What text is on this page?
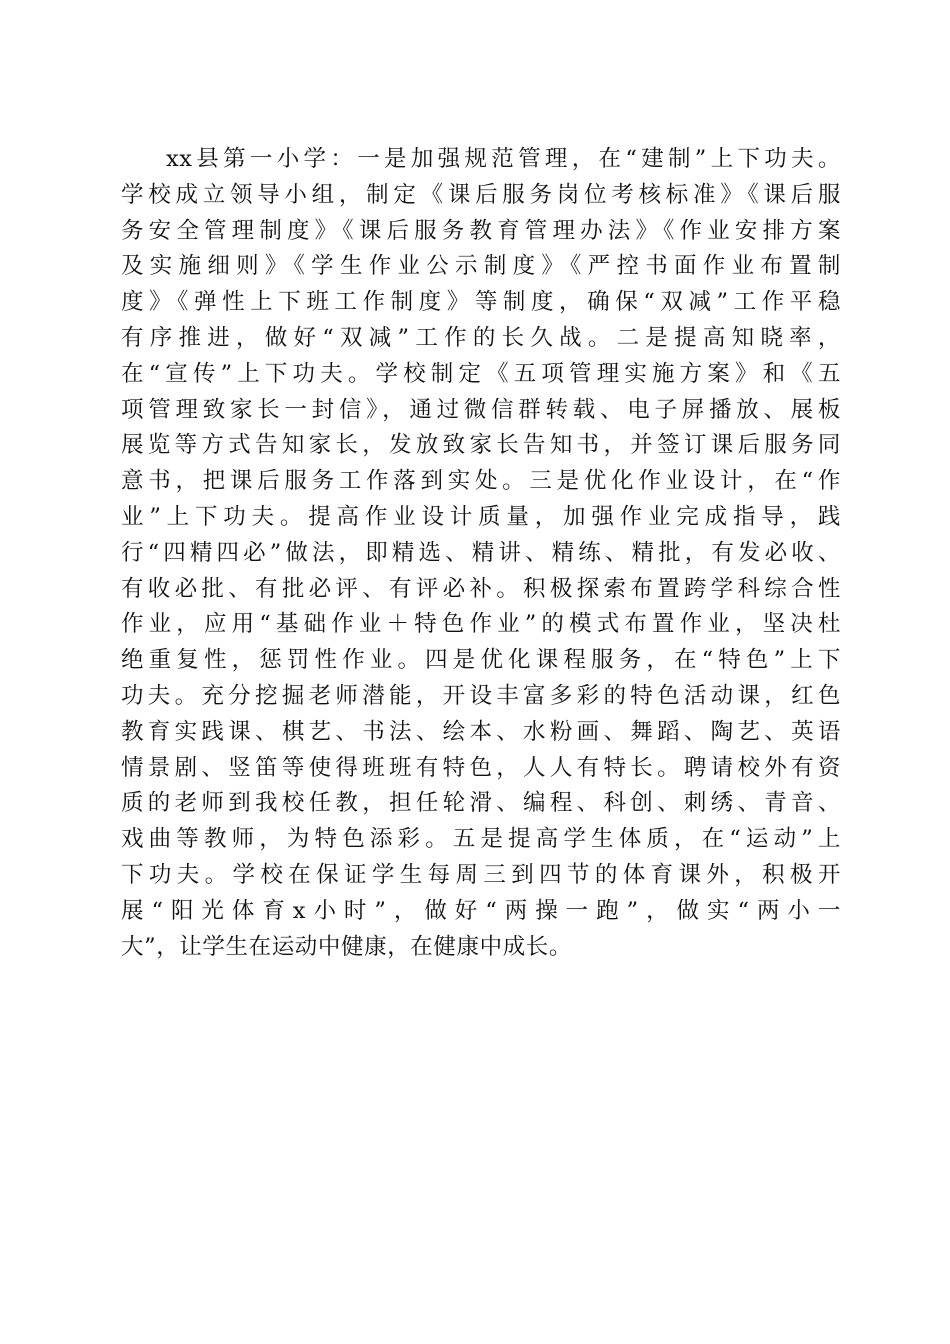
xx县第一小学：一是加强规范管理，在“建制”上下功夫。
学校成立领导小组，制定《课后服务岗位考核标准》《课后服
务安全管理制度》《课后服务教育管理办法》《作业安排方案
及实施细则》《学生作业公示制度》《严控书面作业布置制
度》《弹性上下班工作制度》等制度，确保“双减”工作平稳
有序推进，做好“双减”工作的长久战。二是提高知晓率，
在“宣传”上下功夫。学校制定《五项管理实施方案》和《五
项管理致家长一封信》，通过微信群转载、电子屏播放、展板
展览等方式告知家长，发放致家长告知书，并签订课后服务同
意书，把课后服务工作落到实处。三是优化作业设计，在“作
业”上下功夫。提高作业设计质量，加强作业完成指导，践
行“四精四必”做法，即精选、精讲、精练、精批，有发必收、
有收必批、有批必评、有评必补。积极探索布置跨学科综合性
作业，应用“基础作业＋特色作业”的模式布置作业，坚决杜
绝重复性，惩罚性作业。四是优化课程服务，在“特色”上下
功夫。充分挖掘老师潜能，开设丰富多彩的特色活动课，红色
教育实践课、棋艺、书法、绘本、水粉画、舞蹈、陶艺、英语
情景剧、竖笛等使得班班有特色，人人有特长。聘请校外有资
质的老师到我校任教，担任轮滑、编程、科创、刺绣、青音、
戏曲等教师，为特色添彩。五是提高学生体质，在“运动”上
下功夫。学校在保证学生每周三到四节的体育课外，积极开
展“阳光体育x小时”，做好“两操一跑”，做实“两小一
大”，让学生在运动中健康，在健康中成长。
